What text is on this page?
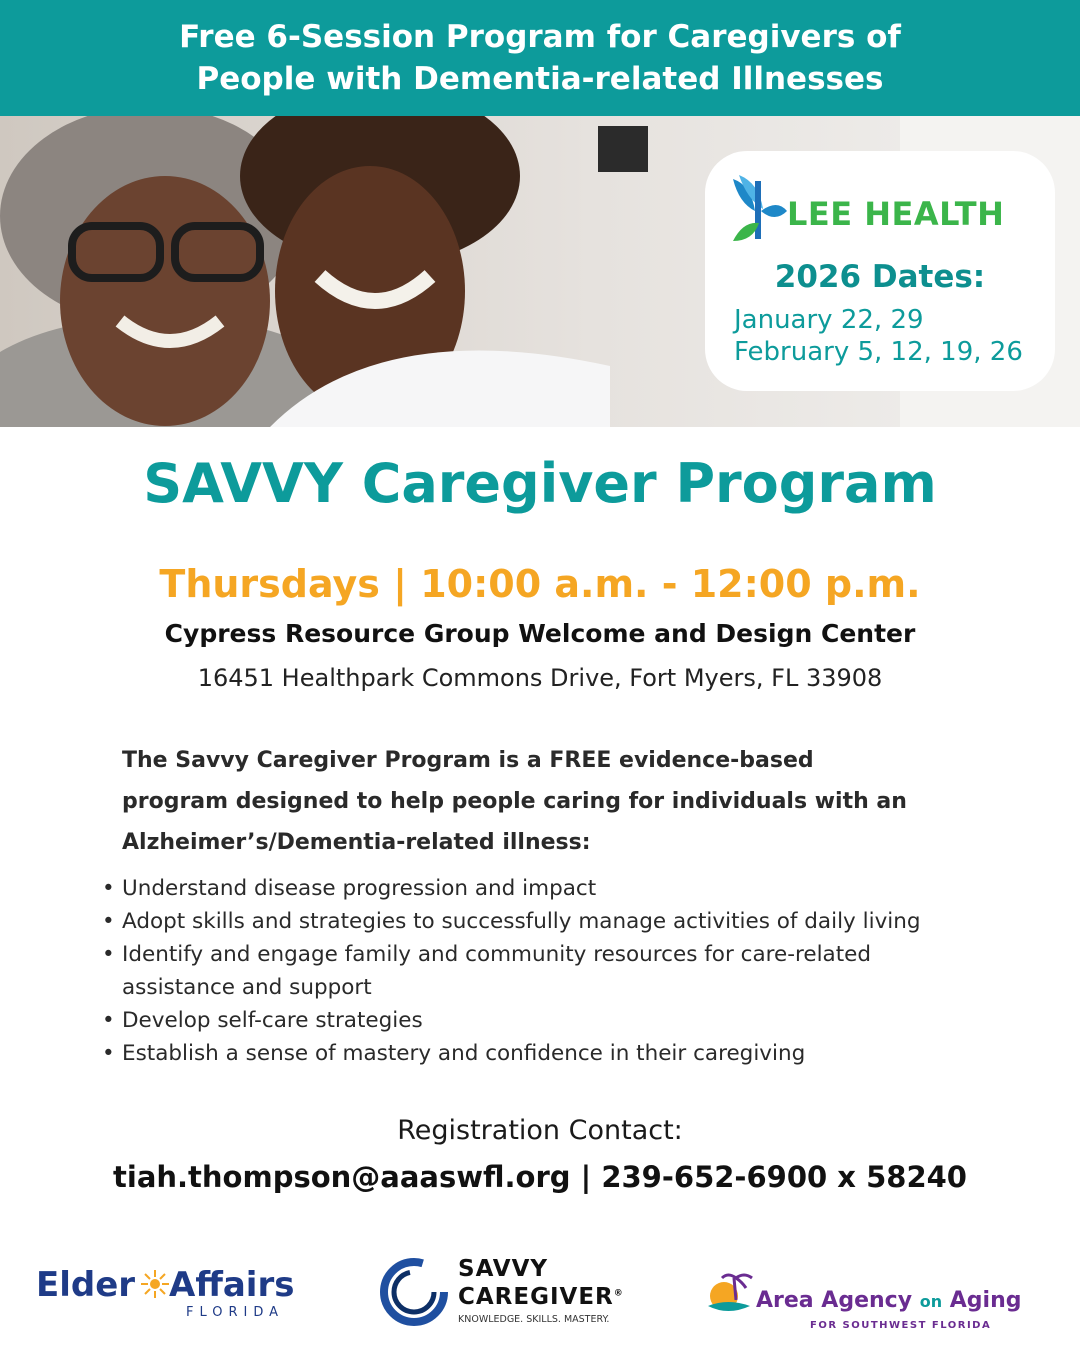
Free 6-Session Program for Caregivers of
People with Dementia-related Illnesses
LEE HEALTH
2026 Dates:
January 22, 29
February 5, 12, 19, 26
SAVVY Caregiver Program
Thursdays | 10:00 a.m. - 12:00 p.m.
Cypress Resource Group Welcome and Design Center
16451 Healthpark Commons Drive, Fort Myers, FL 33908
The Savvy Caregiver Program is a FREE evidence-based
program designed to help people caring for individuals with an
Alzheimer’s/Dementia-related illness:
• Understand disease progression and impact
• Adopt skills and strategies to successfully manage activities of daily living
• Identify and engage family and community resources for care-related
assistance and support
• Develop self-care strategies
• Establish a sense of mastery and confidence in their caregiving
Registration Contact:
tiah.thompson@aaaswfl.org | 239-652-6900 x 58240
Elder Affairs
FLORIDA
SAVVY
CAREGIVER®
KNOWLEDGE. SKILLS. MASTERY.
Area Agency on Aging
FOR SOUTHWEST FLORIDA
